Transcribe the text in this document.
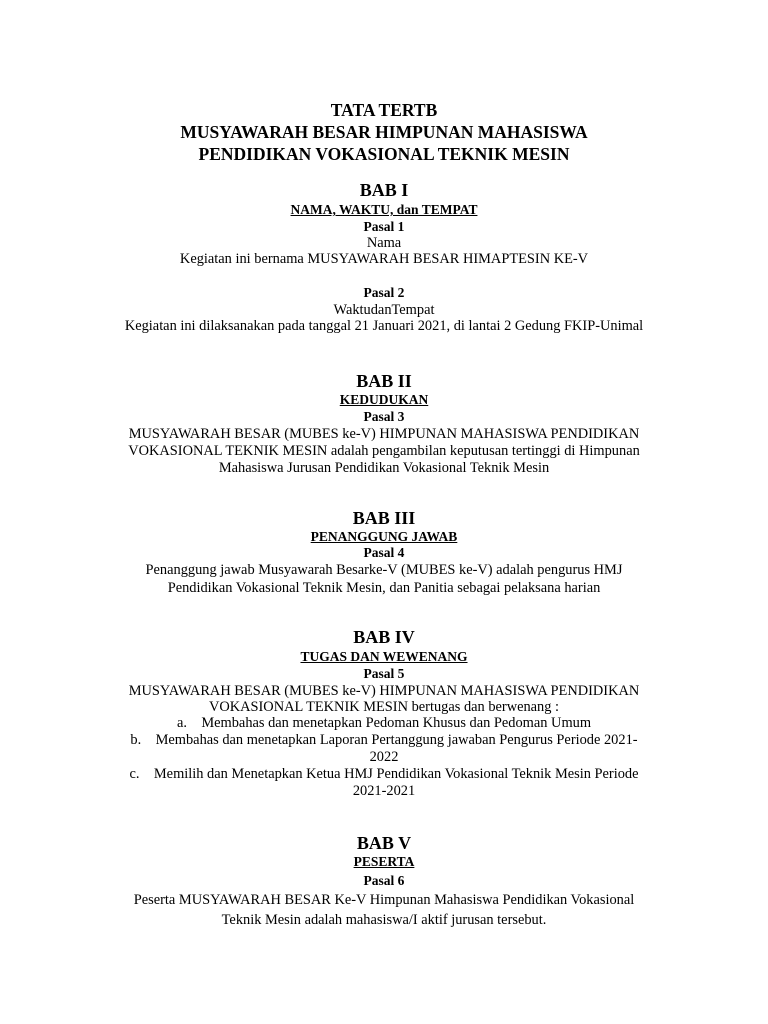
TATA TERTB
MUSYAWARAH BESAR HIMPUNAN MAHASISWA
PENDIDIKAN VOKASIONAL TEKNIK MESIN
BAB I
NAMA, WAKTU, dan TEMPAT
Pasal 1
Nama
Kegiatan ini bernama MUSYAWARAH BESAR HIMAPTESIN KE-V
Pasal 2
WaktudanTempat
Kegiatan ini dilaksanakan pada tanggal 21 Januari 2021, di lantai 2 Gedung FKIP-Unimal
BAB II
KEDUDUKAN
Pasal 3
MUSYAWARAH BESAR (MUBES ke-V) HIMPUNAN MAHASISWA PENDIDIKAN
VOKASIONAL TEKNIK MESIN adalah pengambilan keputusan tertinggi di Himpunan
Mahasiswa Jurusan Pendidikan Vokasional Teknik Mesin
BAB III
PENANGGUNG JAWAB
Pasal 4
Penanggung jawab Musyawarah Besarke-V (MUBES ke-V) adalah pengurus HMJ
Pendidikan Vokasional Teknik Mesin, dan Panitia sebagai pelaksana harian
BAB IV
TUGAS DAN WEWENANG
Pasal 5
MUSYAWARAH BESAR (MUBES ke-V) HIMPUNAN MAHASISWA PENDIDIKAN
VOKASIONAL TEKNIK MESIN bertugas dan berwenang :
a. Membahas dan menetapkan Pedoman Khusus dan Pedoman Umum
b. Membahas dan menetapkan Laporan Pertanggung jawaban Pengurus Periode 2021-
2022
c. Memilih dan Menetapkan Ketua HMJ Pendidikan Vokasional Teknik Mesin Periode
2021-2021
BAB V
PESERTA
Pasal 6
Peserta MUSYAWARAH BESAR Ke-V Himpunan Mahasiswa Pendidikan Vokasional
Teknik Mesin adalah mahasiswa/I aktif jurusan tersebut.
